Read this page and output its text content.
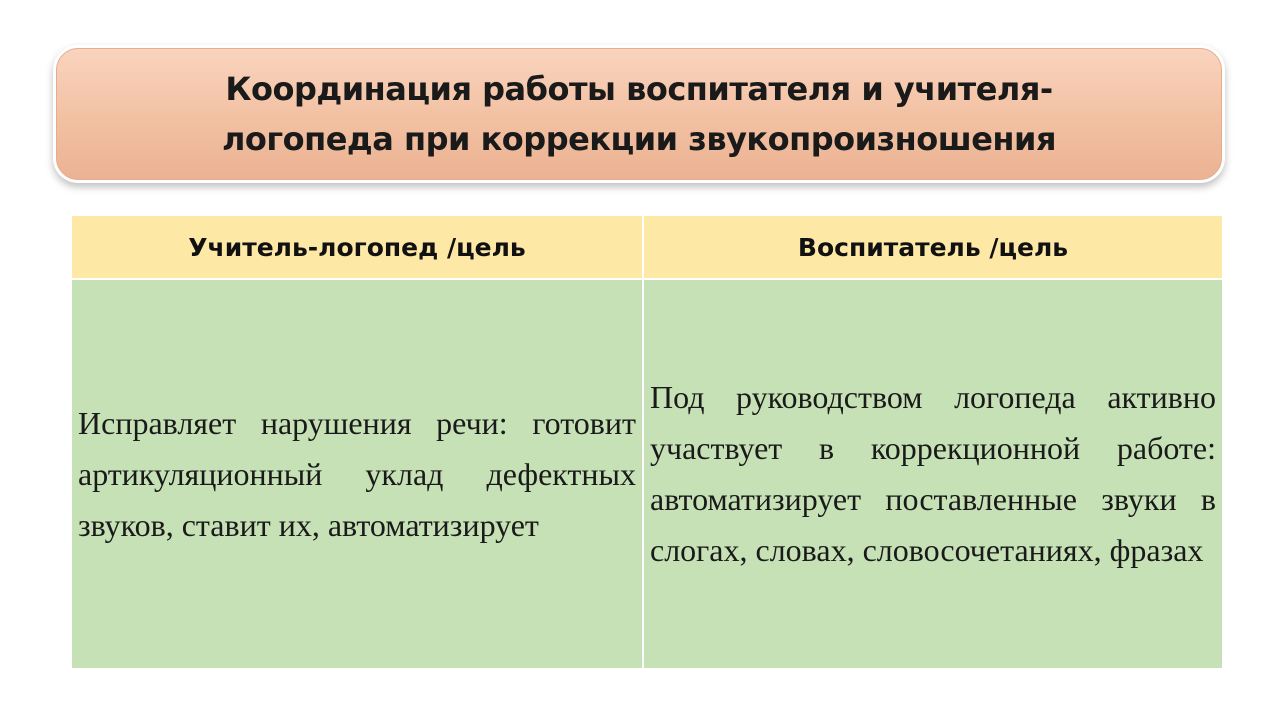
Координация работы воспитателя и учителя-
логопеда при коррекции звукопроизношения

Учитель-логопед /цель	Воспитатель /цель
Исправляет нарушения речи: готовит артикуляционный уклад дефектных звуков, ставит их, автоматизирует	Под руководством логопеда активно участвует в коррекционной работе: автоматизирует поставленные звуки в слогах, словах, словосочетаниях, фразах
